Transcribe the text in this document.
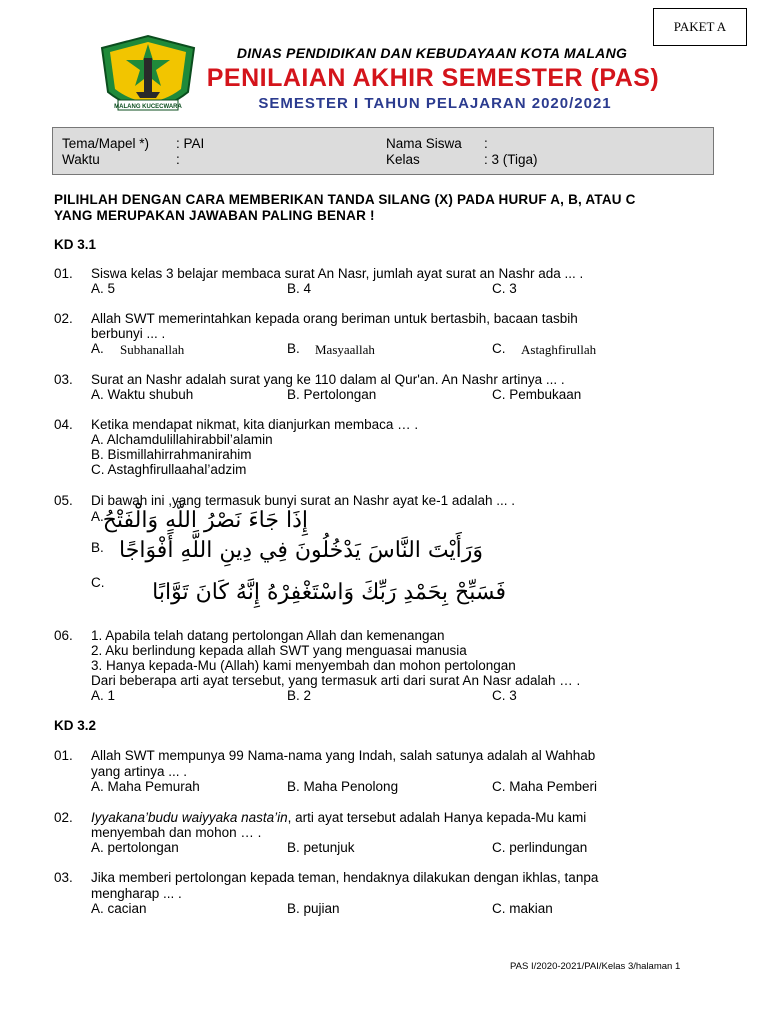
PAKET A
MALANG KUCECWARA
DINAS PENDIDIKAN DAN KEBUDAYAAN KOTA MALANG
PENILAIAN AKHIR SEMESTER (PAS)
SEMESTER I TAHUN PELAJARAN 2020/2021
Tema/Mapel *) : PAI
Waktu	:
Nama Siswa :
Kelas	: 3 (Tiga)
PILIHLAH DENGAN CARA MEMBERIKAN TANDA SILANG (X) PADA HURUF A, B, ATAU C
YANG MERUPAKAN JAWABAN PALING BENAR !
KD 3.1
01. Siswa kelas 3 belajar membaca surat An Nasr, jumlah ayat surat an Nashr ada ... .
A. 5	B. 4	C. 3
02. Allah SWT memerintahkan kepada orang beriman untuk bertasbih, bacaan tasbih
berbunyi ... .
A. Subhanallah	B. Masyaallah	C. Astaghfirullah
03. Surat an Nashr adalah surat yang ke 110 dalam al Qur'an. An Nashr artinya ... .
A. Waktu shubuh	B. Pertolongan	C. Pembukaan
04. Ketika mendapat nikmat, kita dianjurkan membaca … .
A. Alchamdulillahirabbil’alamin
B. Bismillahirrahmanirahim
C. Astaghfirullaahal’adzim
05. Di bawah ini ,yang termasuk bunyi surat an Nashr ayat ke-1 adalah ... .
A.
إِذَا جَاءَ نَصْرُ اللَّهِ وَالْفَتْحُ
B. وَرَأَيْتَ النَّاسَ يَدْخُلُونَ فِي دِينِ اللَّهِ أَفْوَاجًا
C.	فَسَبِّحْ بِحَمْدِ رَبِّكَ وَاسْتَغْفِرْهُ إِنَّهُ كَانَ تَوَّابًا
06. 1. Apabila telah datang pertolongan Allah dan kemenangan
2. Aku berlindung kepada allah SWT yang menguasai manusia
3. Hanya kepada-Mu (Allah) kami menyembah dan mohon pertolongan
Dari beberapa arti ayat tersebut, yang termasuk arti dari surat An Nasr adalah … .
A. 1	B. 2	C. 3
KD 3.2
01. Allah SWT mempunya 99 Nama-nama yang Indah, salah satunya adalah al Wahhab
yang artinya ... .
A. Maha Pemurah	B. Maha Penolong	C. Maha Pemberi
02. Iyyakana’budu waiyyaka nasta’in, arti ayat tersebut adalah Hanya kepada-Mu kami
menyembah dan mohon … .
A. pertolongan	B. petunjuk	C. perlindungan
03. Jika memberi pertolongan kepada teman, hendaknya dilakukan dengan ikhlas, tanpa
mengharap ... .
A. cacian	B. pujian	C. makian
PAS I/2020-2021/PAI/Kelas 3/halaman 1
